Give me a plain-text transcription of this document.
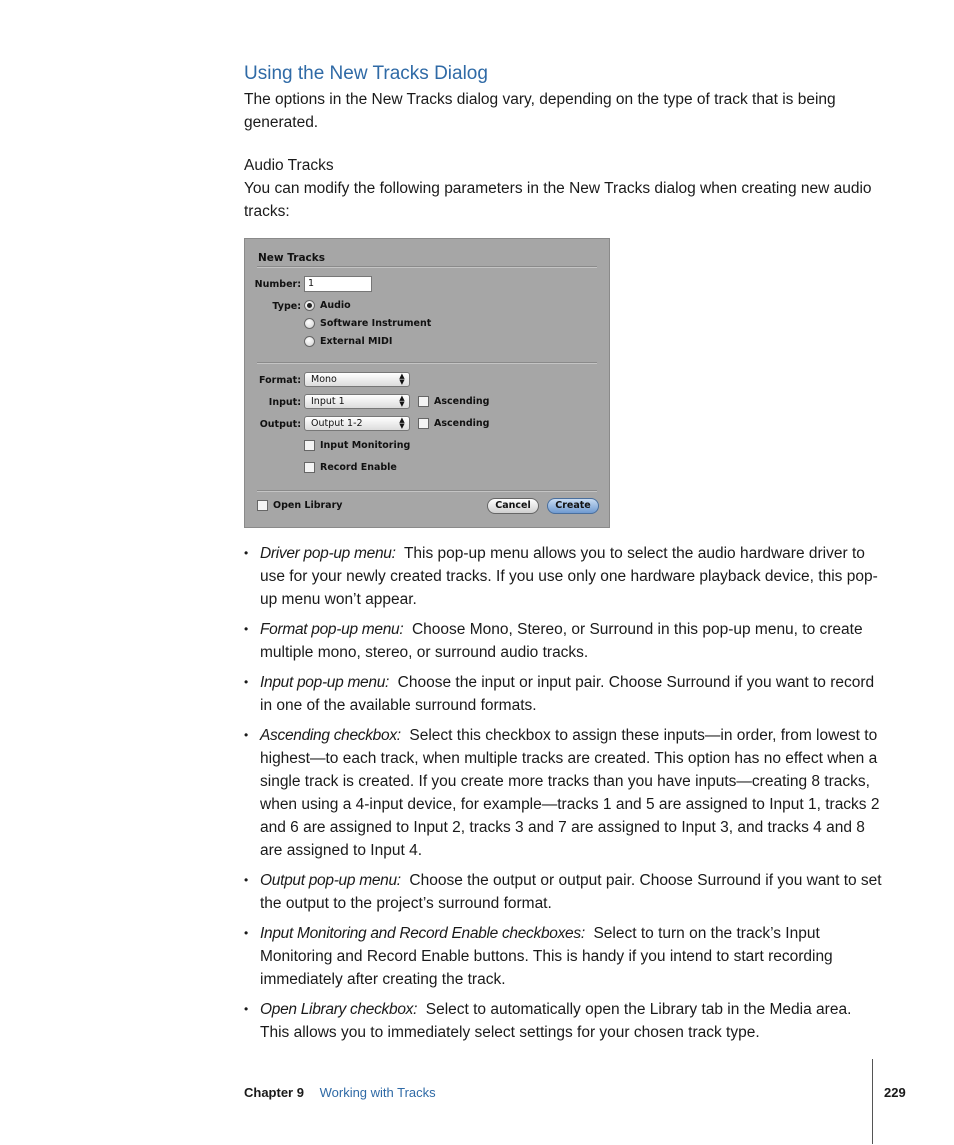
Using the New Tracks Dialog

The options in the New Tracks dialog vary, depending on the type of track that is being generated.

Audio Tracks

You can modify the following parameters in the New Tracks dialog when creating new audio tracks:

New Tracks
Number: 1
Type: Audio
Software Instrument
External MIDI
Format:	Mono	▲
▼
Input:	Input 1	▲
▼	Ascending
Output:	Output 1-2	▲
▼	Ascending
Input Monitoring
Record Enable
Open Library	Cancel	Create
• Driver pop-up menu: This pop-up menu allows you to select the audio hardware driver to use for your newly created tracks. If you use only one hardware playback device, this pop-up menu won’t appear.
• Format pop-up menu: Choose Mono, Stereo, or Surround in this pop-up menu, to create multiple mono, stereo, or surround audio tracks.
• Input pop-up menu: Choose the input or input pair. Choose Surround if you want to record in one of the available surround formats.
• Ascending checkbox: Select this checkbox to assign these inputs—in order, from lowest to highest—to each track, when multiple tracks are created. This option has no effect when a single track is created. If you create more tracks than you have inputs—creating 8 tracks, when using a 4-input device, for example—tracks 1 and 5 are assigned to Input 1, tracks 2 and 6 are assigned to Input 2, tracks 3 and 7 are assigned to Input 3, and tracks 4 and 8 are assigned to Input 4.
• Output pop-up menu: Choose the output or output pair. Choose Surround if you want to set the output to the project’s surround format.
• Input Monitoring and Record Enable checkboxes: Select to turn on the track’s Input Monitoring and Record Enable buttons. This is handy if you intend to start recording immediately after creating the track.
• Open Library checkbox: Select to automatically open the Library tab in the Media area. This allows you to immediately select settings for your chosen track type.
Chapter 9 Working with Tracks	229
